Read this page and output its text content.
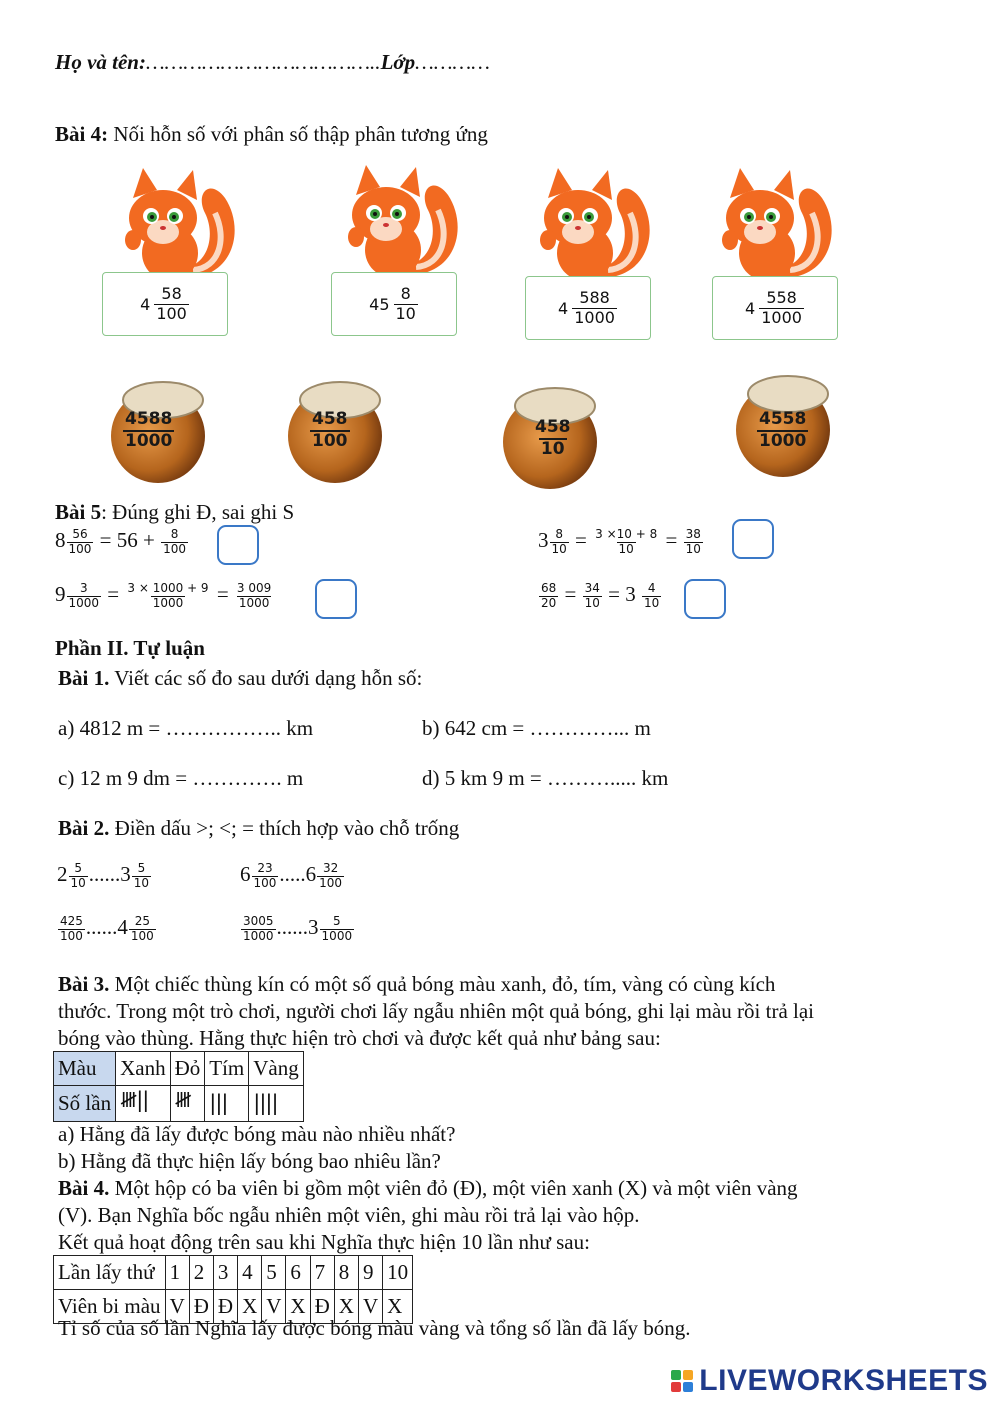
Họ và tên:………………………………..Lớp…………
Bài 4: Nối hỗn số với phân số thập phân tương ứng
$4 \frac{58}{100}$	$45 \frac{8}{10}$	$4 \frac{588}{1000}$	$4 \frac{558}{1000}$
$\frac{4588}{1000}$	$\frac{458}{100}$	$\frac{458}{10}$	$\frac{4558}{1000}$
Bài 5: Đúng ghi Đ, sai ghi S
$8 \frac{56}{100} = 56 + \frac{8}{100}$	$3 \frac{8}{10} = \frac{3 \times 10 + 8}{10} = \frac{38}{10}$
$9 \frac{3}{1000} = \frac{3 \times 1000 + 9}{1000} = \frac{3 009}{1000}$	$\frac{68}{20} = \frac{34}{10} = 3 \frac{4}{10}$
Phần II. Tự luận
Bài 1. Viết các số đo sau dưới dạng hỗn số:
a) 4812 m = …………….. km	b) 642 cm = …………... m
c) 12 m 9 dm = …………. m	d) 5 km 9 m = ………..... km
Bài 2. Điền dấu >; <; = thích hợp vào chỗ trống
$2 \frac{5}{10} ......3 \frac{5}{10}$	$6 \frac{23}{100} .....6 \frac{32}{100}$
$\frac{425}{100} ......4 \frac{25}{100}$	$\frac{3005}{1000} ......3 \frac{5}{1000}$
Bài 3. Một chiếc thùng kín có một số quả bóng màu xanh, đỏ, tím, vàng có cùng kích
thước. Trong một trò chơi, người chơi lấy ngẫu nhiên một quả bóng, ghi lại màu rồi trả lại
bóng vào thùng. Hằng thực hiện trò chơi và được kết quả như bảng sau:
Màu	Xanh	Đỏ	Tím	Vàng
Số lần	𝍸||	𝍸	|||	||||
a) Hằng đã lấy được bóng màu nào nhiều nhất?
b) Hằng đã thực hiện lấy bóng bao nhiêu lần?
Bài 4. Một hộp có ba viên bi gồm một viên đỏ (Đ), một viên xanh (X) và một viên vàng
(V). Bạn Nghĩa bốc ngẫu nhiên một viên, ghi màu rồi trả lại vào hộp.
Kết quả hoạt động trên sau khi Nghĩa thực hiện 10 lần như sau:
Lần lấy thứ	1	2	3	4	5	6	7	8	9	10
Viên bi màu	V	Đ	Đ	X	V	X	Đ	X	V	X
Tỉ số của số lần Nghĩa lấy được bóng màu vàng và tổng số lần đã lấy bóng.
LIVEWORKSHEETS
